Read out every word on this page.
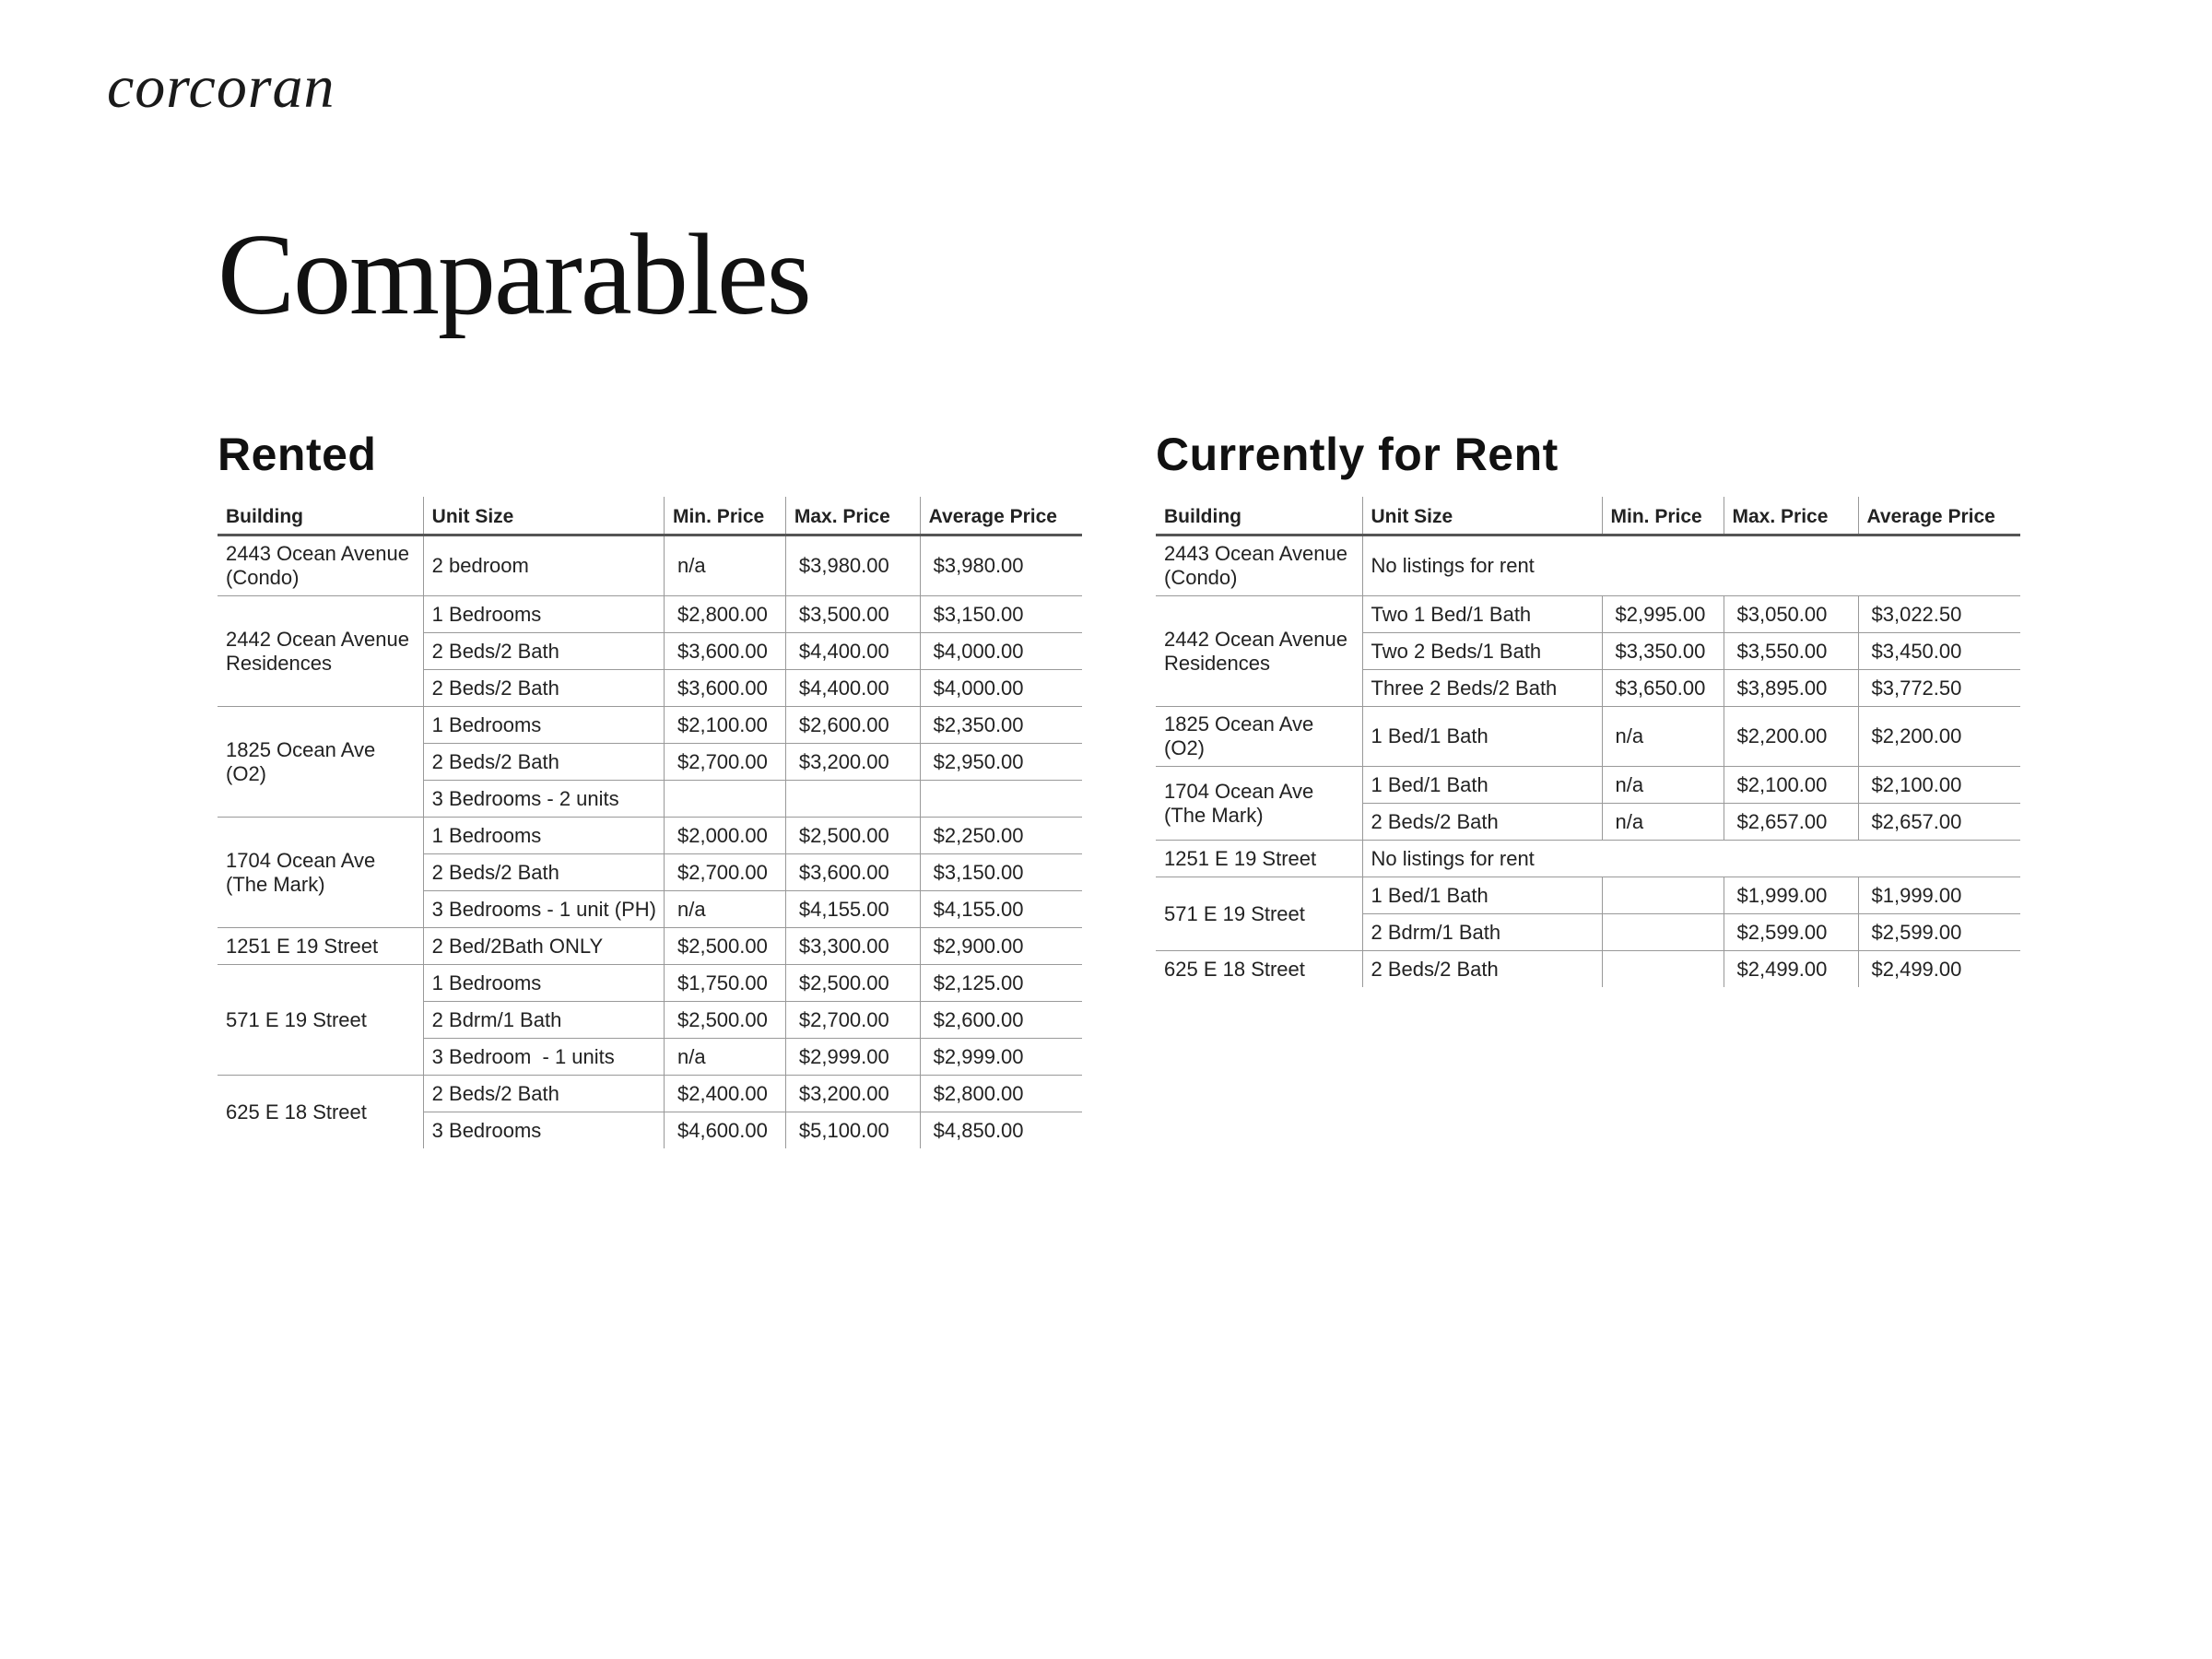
corcoran
Comparables
Rented
Building	Unit Size	Min. Price	Max. Price	Average Price
2443 Ocean Avenue (Condo)	2 bedroom	n/a	$3,980.00	$3,980.00
2442 Ocean Avenue Residences	1 Bedrooms	$2,800.00	$3,500.00	$3,150.00
	2 Beds/2 Bath	$3,600.00	$4,400.00	$4,000.00
	2 Beds/2 Bath	$3,600.00	$4,400.00	$4,000.00
1825 Ocean Ave (O2)	1 Bedrooms	$2,100.00	$2,600.00	$2,350.00
	2 Beds/2 Bath	$2,700.00	$3,200.00	$2,950.00
	3 Bedrooms - 2 units			
1704 Ocean Ave (The Mark)	1 Bedrooms	$2,000.00	$2,500.00	$2,250.00
	2 Beds/2 Bath	$2,700.00	$3,600.00	$3,150.00
	3 Bedrooms - 1 unit (PH)	n/a	$4,155.00	$4,155.00
1251 E 19 Street	2 Bed/2Bath ONLY	$2,500.00	$3,300.00	$2,900.00
571 E 19 Street	1 Bedrooms	$1,750.00	$2,500.00	$2,125.00
	2 Bdrm/1 Bath	$2,500.00	$2,700.00	$2,600.00
	3 Bedroom  - 1 units	n/a	$2,999.00	$2,999.00
625 E 18 Street	2 Beds/2 Bath	$2,400.00	$3,200.00	$2,800.00
	3 Bedrooms	$4,600.00	$5,100.00	$4,850.00
Currently for Rent
Building	Unit Size	Min. Price	Max. Price	Average Price
2443 Ocean Avenue (Condo)	No listings for rent			
2442 Ocean Avenue Residences	Two 1 Bed/1 Bath	$2,995.00	$3,050.00	$3,022.50
	Two 2 Beds/1 Bath	$3,350.00	$3,550.00	$3,450.00
	Three 2 Beds/2 Bath	$3,650.00	$3,895.00	$3,772.50
1825 Ocean Ave (O2)	1 Bed/1 Bath	n/a	$2,200.00	$2,200.00
1704 Ocean Ave (The Mark)	1 Bed/1 Bath	n/a	$2,100.00	$2,100.00
	2 Beds/2 Bath	n/a	$2,657.00	$2,657.00
1251 E 19 Street	No listings for rent			
571 E 19 Street	1 Bed/1 Bath		$1,999.00	$1,999.00
	2 Bdrm/1 Bath		$2,599.00	$2,599.00
625 E 18 Street	2 Beds/2 Bath		$2,499.00	$2,499.00
